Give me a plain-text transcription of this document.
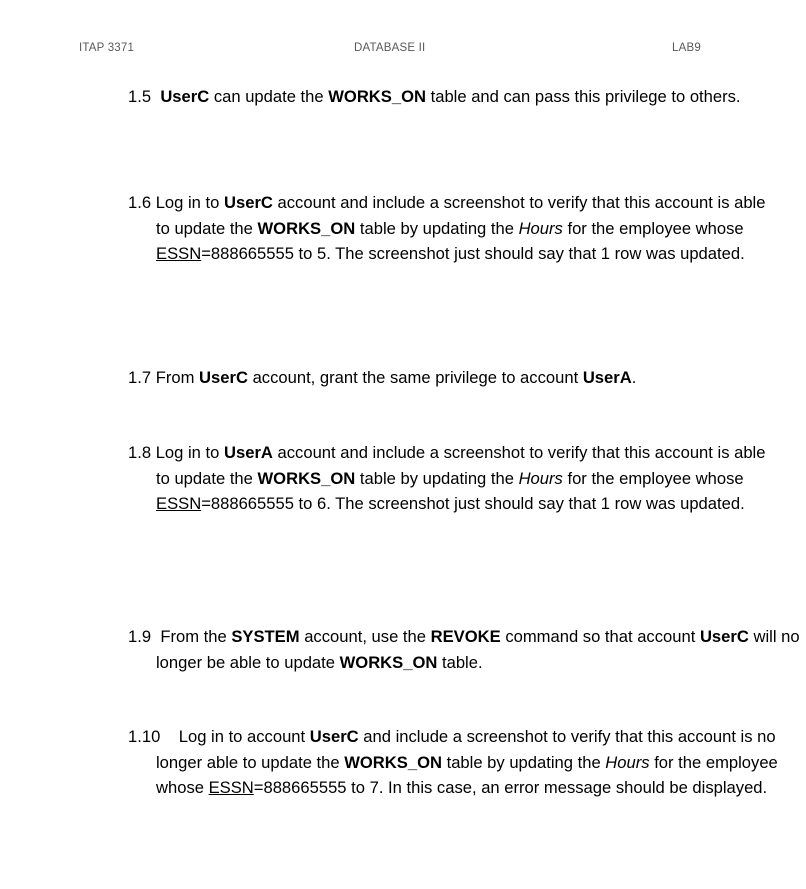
ITAP 3371	DATABASE II	LAB9
1.5 UserC can update the WORKS_ON table and can pass this privilege to others.
1.6 Log in to UserC account and include a screenshot to verify that this account is able to update the WORKS_ON table by updating the Hours for the employee whose ESSN=888665555 to 5. The screenshot just should say that 1 row was updated.
1.7 From UserC account, grant the same privilege to account UserA.
1.8 Log in to UserA account and include a screenshot to verify that this account is able to update the WORKS_ON table by updating the Hours for the employee whose ESSN=888665555 to 6. The screenshot just should say that 1 row was updated.
1.9 From the SYSTEM account, use the REVOKE command so that account UserC will no longer be able to update WORKS_ON table.
1.10 Log in to account UserC and include a screenshot to verify that this account is no longer able to update the WORKS_ON table by updating the Hours for the employee whose ESSN=888665555 to 7. In this case, an error message should be displayed.
